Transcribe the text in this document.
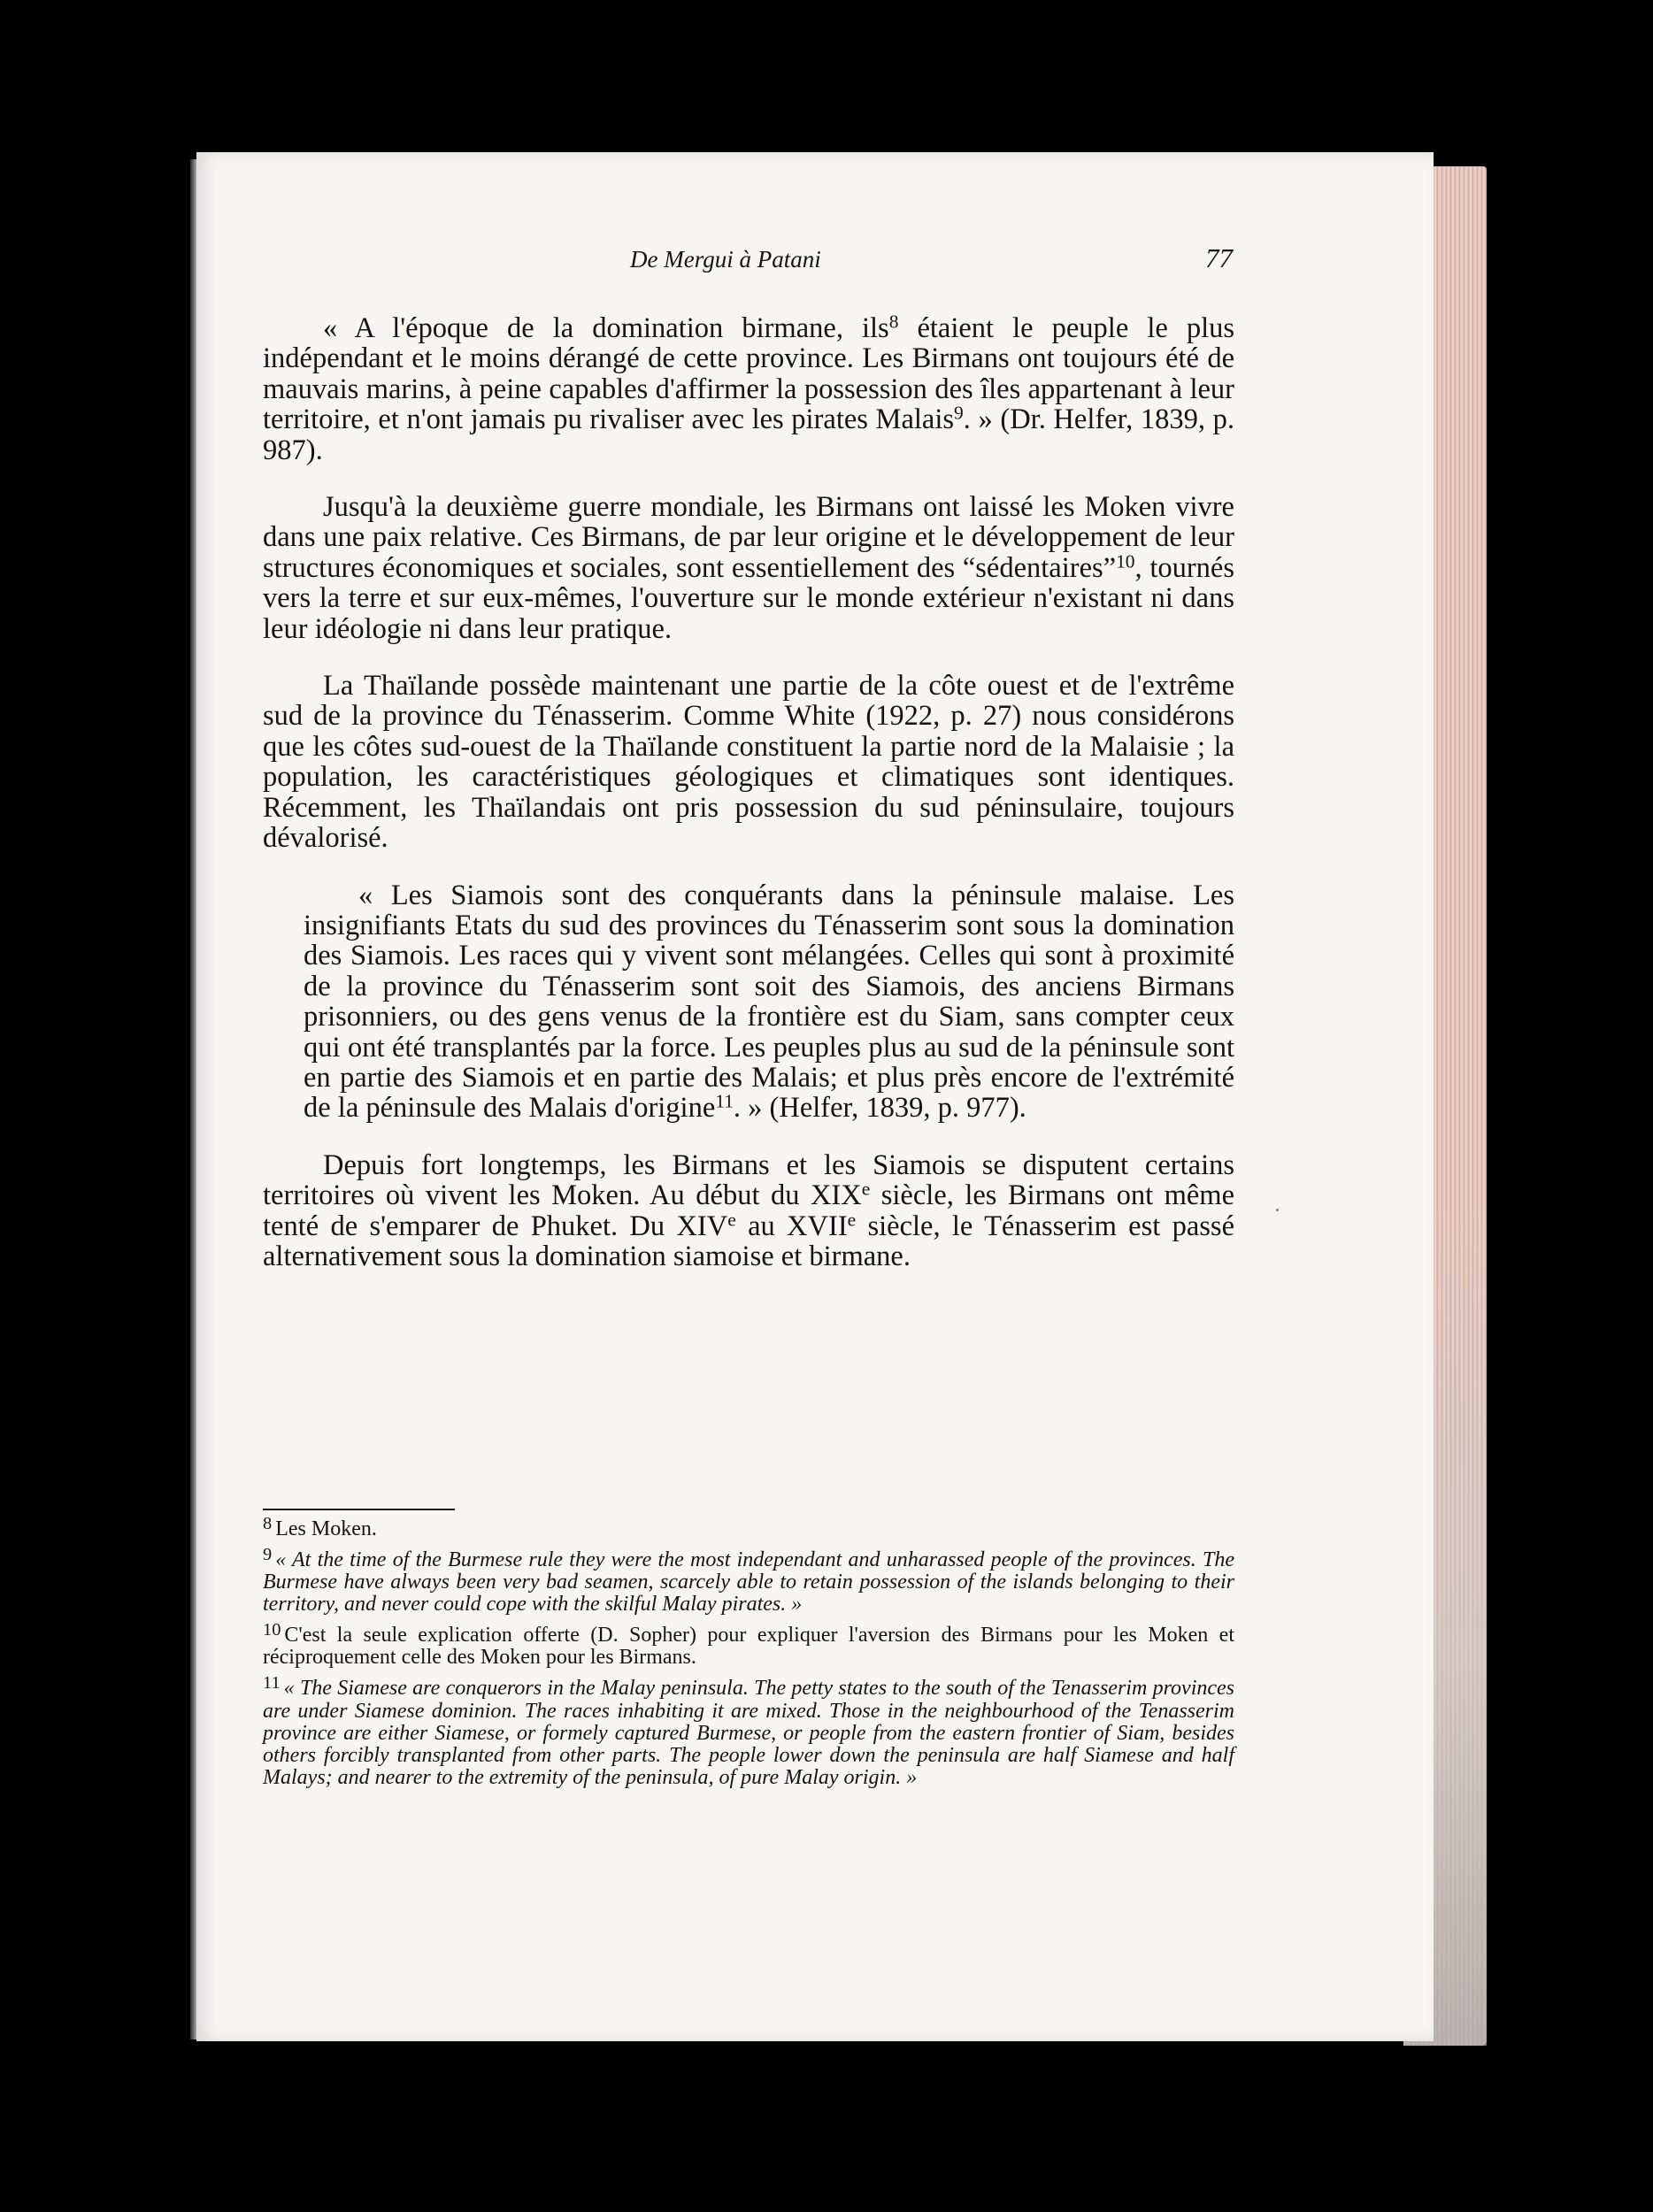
De Mergui à Patani	77

« A l'époque de la domination birmane, ils$^8$ étaient le peuple le plus indépendant et le moins dérangé de cette province. Les Birmans ont toujours été de mauvais marins, à peine capables d'affirmer la possession des îles appartenant à leur territoire, et n'ont jamais pu rivaliser avec les pirates Malais$^9$. » (Dr. Helfer, 1839, p. 987).

Jusqu'à la deuxième guerre mondiale, les Birmans ont laissé les Moken vivre dans une paix relative. Ces Birmans, de par leur origine et le développement de leur structures économiques et sociales, sont essentiellement des “sédentaires”$^{10}$, tournés vers la terre et sur eux-mêmes, l'ouverture sur le monde extérieur n'existant ni dans leur idéologie ni dans leur pratique.

La Thaïlande possède maintenant une partie de la côte ouest et de l'extrême sud de la province du Ténasserim. Comme White (1922, p. 27) nous considérons que les côtes sud-ouest de la Thaïlande constituent la partie nord de la Malaisie ; la population, les caractéristiques géologiques et climatiques sont identiques. Récemment, les Thaïlandais ont pris possession du sud péninsulaire, toujours dévalorisé.

« Les Siamois sont des conquérants dans la péninsule malaise. Les insignifiants Etats du sud des provinces du Ténasserim sont sous la domination des Siamois. Les races qui y vivent sont mélangées. Celles qui sont à proximité de la province du Ténasserim sont soit des Siamois, des anciens Birmans prisonniers, ou des gens venus de la frontière est du Siam, sans compter ceux qui ont été transplantés par la force. Les peuples plus au sud de la péninsule sont en partie des Siamois et en partie des Malais; et plus près encore de l'extrémité de la péninsule des Malais d'origine$^{11}$. » (Helfer, 1839, p. 977).

Depuis fort longtemps, les Birmans et les Siamois se disputent certains territoires où vivent les Moken. Au début du XIXe siècle, les Birmans ont même tenté de s'emparer de Phuket. Du XIVe au XVIIe siècle, le Ténasserim est passé alternativement sous la domination siamoise et birmane.

$^8$ Les Moken.

$^9$ « At the time of the Burmese rule they were the most independant and unharassed people of the provinces. The Burmese have always been very bad seamen, scarcely able to retain possession of the islands belonging to their territory, and never could cope with the skilful Malay pirates. »

$^{10}$ C'est la seule explication offerte (D. Sopher) pour expliquer l'aversion des Birmans pour les Moken et réciproquement celle des Moken pour les Birmans.

$^{11}$ « The Siamese are conquerors in the Malay peninsula. The petty states to the south of the Tenasserim provinces are under Siamese dominion. The races inhabiting it are mixed. Those in the neighbourhood of the Tenasserim province are either Siamese, or formely captured Burmese, or people from the eastern frontier of Siam, besides others forcibly transplanted from other parts. The people lower down the peninsula are half Siamese and half Malays; and nearer to the extremity of the peninsula, of pure Malay origin. »
